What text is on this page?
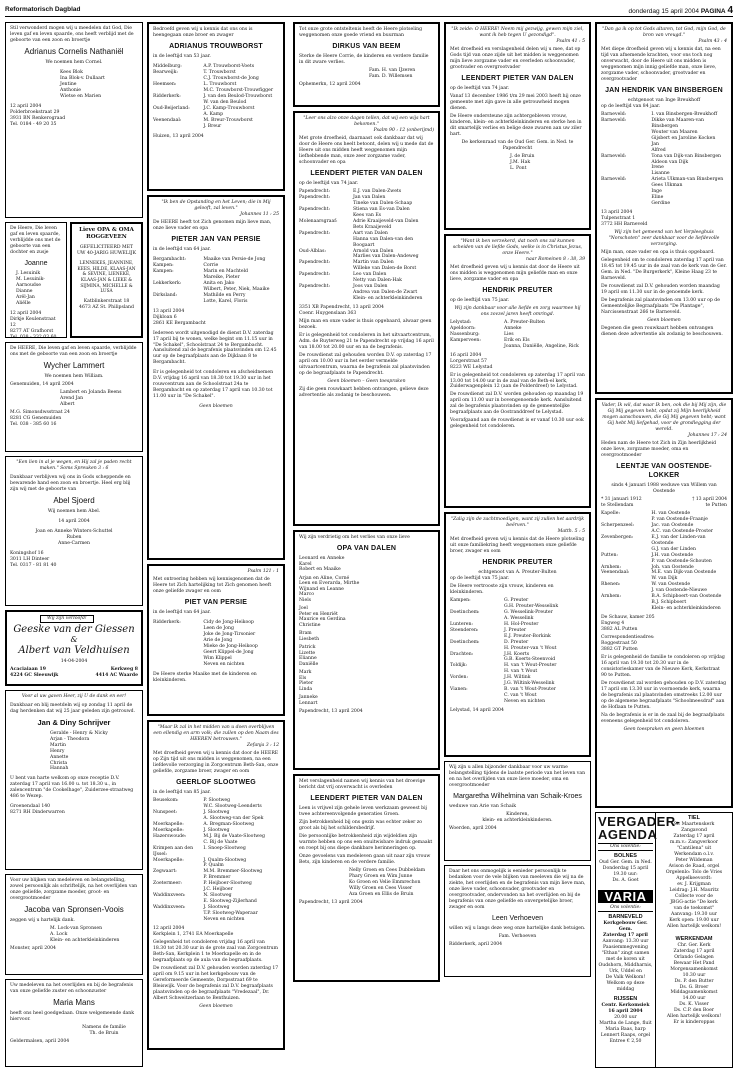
Reformatorisch Dagblad	donderdag 15 april 2004 PAGINA 4
Stil verwonderd mogen wij u meedelen dat God, Die leven gaf en leven spaarde, ons heeft verblijd met de geboorte van een zoon en broertje
Adrianus Cornelis Nathaniël
We noemen hem Cornel.
Kees Blok
Ina Blok-v. Dullaart
Jentine
Anthonie
Wietse en Marien
12 april 2004
Polderbroekstraat 29
3931 BN Renkerograad
Tel. 0184 - 49 20 35
De Heere, Die leven gaf en leven spaarde, verblijdde ons met de geboorte van een dochter en zusje
Joanne
J. Lesuinik
M. Lesuinik-Aarnoudse
Dianne
Arël-Jan
Aliëlle
12 april 2004
Dirkje Keulenstraat 12
8277 AT Grafhorst
Tel. 038 - 332 03 60
Lieve OPA & OMA ROGGEVEEN
GEFELICITEERD MET UW 40-JARIG HUWELIJK
LENNEKES, JEANNINE, KEES, HILDE, KLAAS-JAN & SEVINE, LIENEKE, KLAAS-JAN & LIEKE & SIJMINA, MICHELLE & LUSA
Katblinkerstraat 18
4673 AZ St. Philipsland
De HEERE, Die leven gaf en leven spaarde, verblijdde ons met de geboorte van een zoon en broertje
Wycher Lammert
We noemen hem William.
Genemuiden, 14 april 2004
Lambert en Jolanda Beens
Arend Jan
Albert
M.G. Simonsdwsstraat 24
8281 CG Genemuiden
Tel. 038 - 385 60 16
"Een lien in al je wegen, en Hij zal je paden recht maken." Soms Spreuken 3 : 6
Dankbaar verblijven wij ons in Gods scheppende en bewarende hand een zoon en broertje. Heel erg blij zijn wij met de geboorte van
Abel Sjoerd
Wij noemen hem Abel.
14 april 2004
Joan en Anneke Winters-Schuttel
Ruben
Anne-Carmen
Koningshof 16
3011 LH Dinteer
Tel. 0317 - 81 81 40
Wij zijn verloofd!
Geeske van der Giessen
&
Albert van Veldhuisen
14-04-2004
Acaciaiaan 19
4224 GC Sleeuwijk
Kerkweg 8
4414 AC Waarde
Voor al uw gaven Heer, zij U de dank en eer!
Dankbaar en blij meetdeln wij op zondag 11 april de dag herdenken dat wij 25 jaar geleden zijn getrouwd.
Jan & Diny Schrijver
Geralde - Henry & Nicky
Arjan - Theodora
Martin
Henry
Annette
Christa
Hannah
U bent van harte welkom op onze receptie D.V. zaterdag 17 april van 16.00 u. tot 18.30 u., in zalencentrum "de Cookelhage", Zuiderzee-straatweg 486 te Wezep.
Groenendaal 140
8271 RH Dinderwarren
Voor uw blijken van medeleven en belangstelling, zowel persoonlijk als schriftelijk, na het overlijden van onze geliefde, zorgzame moeder, groot- en overgrootmoeder
Jacoba van Spronsen-Voois
zeggen wij u hartelijk dank.
M. Lock-van Spronsen
A. Lock
Klein- en achterkleinkinderen
Monster, april 2004
Uw medeleven na het overlijden en bij de begrafenis van onze geliefde zuster en schoonzuster
Maria Mans
heeft ons heel goedgedaan. Onze welgemeende dank hiervoor.
Namens de familie
Th. de Bruin
Geldermalsen, april 2004
Bedroefd geven wij u kennis dat ons ons is heengegaan onze broer en zwager
ADRIANUS TROUWBORST
in de leeftijd van 53 jaar.
Middelburg:	A.P. Trouwborst-Voets
Bearweijk:	T. Trouwborst
C.J. Trouwborst-de Jong
Heemsen:	L. Trouwborst
M.C. Trouwborst-Trouwfigger
Ridderkerk:	J. van den Beulod-Trouwborst
W. van den Beulod
Oud-Beijerland:	J.C. Kamp-Trouwborst
A. Kamp
Veenendaal:	M. Breur-Trouwborst
J. Breur
Huizen, 13 april 2004
"Ik ben de Opstanding en het Leven; die in Mij gelooft, zal leven."
Johannes 11 : 25
De HEERE heeft tot Zich genomen mijn lieve man, onze lieve vader en opa
PIETER JAN VAN PERSIE
in de leeftijd van 64 jaar.
Bergambacht:	Maaike van Persie-de Jong
Kampen:	Corrie
Kampen:	Marin en Machteld
Mareike, Pieter
Lekkerkerk:	Anita en Jako
Wilbert, Peter, Niek, Maaike
Dirksland:	Mathilde en Perry
Lotte, Karel, Floris
13 april 2004
Dijkloan 6
2861 KE Bergambacht
Iedereen wordt uitgenodigd de dienst D.V. zaterdag 17 april bij te wonen, welke begint om 11.15 uur in "De Schakel", Schoolstraat 24 te Bergambacht. Aansluitend zal de begrafenis plaatsvinden om 12.45 uur op de begraafplaats aan de Dijklaan 8 te Bergambacht.
Er is gelegenheid tot condoleren en afscheidnemen D.V. vrijdag 16 april van 18.30 tot 19.30 uur in het rouwcentrum aan de Schoolstraat 24a te Bergambacht en op zaterdag 17 april van 10.30 tot 11.00 uur in "De Schakel".
Geen bloemen
Psalm 121 : 1
Met ontroering hebben wij kennisgenomen dat de Heere tot Zich hartelijking tot Zich genomen heeft onze geliefde zwager en oom
PIET VAN PERSIE
in de leeftijd van 64 jaar.
Ridderkerk:	Cidy de Jong-Heikoop
Leen de Jong
Joke de Jong-Tirsonier
Arie de Jong
Mieke de Jong-Heikoop
Geert Klippel-de Jong
Wim Klippel
Neven en nichten
De Heere sterke Maaike met de kinderen en kleinkinderen.
"Maar Ik zal in het midden van u doen overblijven een ellendig en arm volk; die zullen op den Naam des HEEREN betrouwen."
Zefanja 3 : 12
Met droefheid geven wij u kennis dat door de HEERE op Zijn tijd uit ons midden is weggenomen, na een liefdevolle verzorging in Zorgcentrum Beth-San, onze geliefde, zorgzame broer, zwager en oom
GEERLOF SLOOTWEG
in de leeftijd van 85 jaar.
Beusekom:	P. Slootweg
W.C. Slootweg-Leenderts
Nunspeet:	J. Slootweg
A. Slootweg-van der Spek
Moerkapelle:	A. Bregman-Slootweg
Moerkapelle:	J. Slootweg
Hazerswoude:	M.J. Bij de Vaate-Slootweg
C. Bij de Vaate
Krimpen aan den IJssel:
I. Snoep-Slootweg
Moerkapelle:	J. Qualm-Slootweg
P. Qualm
Zegwaart:	M.M. Bremmer-Slootweg
P. Bremmer
Zoetermeer:	P. Heijboer-Slootweg
J.C. Heijboer
Waddinxveen:	N. Slootweg
E. Slootweg-Zijlerhand
Waddinxveen:	J. Slootweg
T.P. Slootweg-Waperaar
Neven en nichten
12 april 2004
Kerkplein 1, 2741 EA Moerkapelle
Gelegenheid tot condoleren vrijdag 16 april van 18.30 tot 20.30 uur in de grote zaal van Zorgcentrum Beth-San, Kerkplein 1 te Moerkapelle en in de begraafplaats op de aula van de begraafplaats.
De rouwdienst zal D.V. gehouden worden zaterdag 17 april om 9.15 uur in het kerkgebouw van de Gereformeerde Gemeente, Dorpsstraat 69 te Bleiswijk. Voor de begrafenis zal D.V. begraafplaats plaatsvinden op de begraafplaats "Vredezaal", Dr. Albert Schweitzerlaan te Benthuizen.
Geen bloemen
Tot onze grote ontsteltenis heeft de Heere plotseling weggenomen onze goede vriend en buurman
DIRKUS VAN BEEM
Sterke de Heere Corrie, de kinderen en verdere familie in dit zware verlies.
Fam. H. van IJzeren
Fam. D. Willemsen
Ophemerkn, 12 april 2004
"Leer ons alzo onze dagen tellen, dat wij een wijs hart bekomen."
Psalm 90 : 12 (onberijmd)
Met grote droefheid, daarnaast ook dankbaar dat wij door de Heere ons heelt betoont, delen wij u mede dat de Heere uit ons midden heeft weggenomen mijn liefhebbende man, onze zeer zorgzame vader, schoonvader en opa
LEENDERT PIETER VAN DALEN
op de leeftijd van 74 jaar.
Papendrecht:	E.J. van Dalen-Zwets
Papendrecht:	Jan van Dalen
Tineke van Dalen-Schaap
Papendrecht:	Stiena van Es-van Dalen
Kees van Es
Molenaarsgraaf:	Adrie Kraaijeveld-van Dalen
Bets Kraaijeveld
Papendrecht:	Aart van Dalen
Hanna van Dalen-van den Boogaart
Oud-Alblas:	Arnold van Dalen
Marlies van Dalen-Andeweg
Papendrecht:	Martin van Dalen
Willeke van Dalen-de Borst
Papendrecht:	Leo van Dalen
Netty van Dalen-Hak
Papendrecht:	Joos van Dalen
Andrea van Dalen-de Zwart
Klein- en achterkleinkinderen
3351 XB Papendrecht, 13 april 2004
Coenr. Huygenslaan 363
Mijn man en onze vader is thuis opgebaard, alwaar geen bezoek.
Er is gelegenheid tot condoleren in het uitvaartcentrum, Adm. de Ruyterweg 21 te Papendrecht op vrijdag 16 april van 18.00 tot 20.00 uur en na de begrafenis.
De rouwdienst zal gehouden worden D.V. op zaterdag 17 april om 10.00 uur in het eerder vermelde uitvaartcentrum, waarna de begrafenis zal plaatsvinden op de begraafplaats te Papendrecht.
Geen bloemen – Geen toespraken
Zij die geen rouwkaart hebben ontvangen, gelieve deze advertentie als zodanig te beschouwen.
Wij zijn verdrietig om het verlies van onze lieve
OPA VAN DALEN
Leonard en Anneke
Karel
Robert en Maaike
Arjan en Aline, Corné
Leen en Everarda, Mirthe
Wijnand en Leanne
Marco
Niels
Joel
Peter en Henriët
Maurice en Gerdina
Christine
Bram
Liesbeth
Patrick
Lizette
Elianne
Daniëlle
Mark
Els
Pieter
Linda
Janneke
Lennart
Papendrecht, 13 april 2004
Met verslagenheid namen wij kennis van het droevige bericht dat vrij onverwacht is overleden
LEENDERT PIETER VAN DALEN
Leen is vrijwel zijn gehele leven werkzaam geweest bij twee achtereenvolgende generaties Groen.
Zijn betrokkenheid bij ons gezin was echter zeker zo groot als bij het schildersbedrijf.
Die persoonlijke betrokkenheid zijn wijdeldien zijn warmte hebben op ons een onuitwisbare indruk gemaakt en roept bij ons diepe dankbare herinneringen op.
Onze gevoelens van medeleven gaan uit naar zijn vrouw Bets, zijn kinderen en de verdere familie.
Nelly Groen en Cees Dubbeldam
Phary Groen en Wim Junne
Ko Groen en Velie Emmrechon
Willy Groen en Cees Visser
Aza Groen en Ellis de Bruin
Papendrecht, 13 april 2004
"Ik zeide: O HEERE! Neem mij gezwijg, gewen mijn ziel, want ik heb tegen U gezondigd".
Psalm 41 : 5
Met droefheid en verslagenheid delen wij u mee, dat op Gods tijd van onze zijde uit het midden is weggenomen mijn lieve zorgzame vader en overleden schoonvader, grootvader en overgrootvader
LEENDERT PIETER VAN DALEN
op de leeftijd van 74 jaar.
Vanaf 13 december 1986 t/m 29 mei 2003 heeft hij onze gemeente met zijn gave in alle getrouwheid mogen dienen.
De Heere ondersteune zijn achtergebleven vrouw, kinderen, klein- en achterkleinkinderen en sterke hen in dit smartelijk verlies en belige deze zwaren aan uw ziler hart.
De kerkenraad van de Oud Ger. Gem. in Ned. te Papendrecht
J. de Bruin
J.M. Hak
L. Pont
"Want ik ben verzekerd, dat noch ons zal kunnen scheiden van de liefde Gods, welke is in Christus Jezus, onze Heere."
naar Romeinen 8 : 38, 39
Met droefheid geven wij u kennis dat door de Heere uit ons midden is weggenomen mijn geliefde man en onze lieve, zorgzame vader en opa
HENDRIK PREUTER
op de leeftijd van 75 jaar.
Wij zijn dankbaar voor alle liefde en zorg waarmee hij ons zovzel jaren heeft omringd.
Lelystad:	A. Preuter-Bulten
Apeldoorn:	Anneke
Nassenburg:	Lies
Kamperveen:	Erik en Els
Joanna, Daniëlle, Angeline, Rick
16 april 2004
Lorgerstraat 57
8223 WE Lelystad
Er is gelegenheid tot condoleren op zaterdag 17 april van 13.00 tot 14.00 uur in de zaal van de Beth-el kerk, Zuiderwagenplein 12 (aan de Polderdreef) te Lelystad.
De rouwdienst zal D.V. worden gehouden op maandag 19 april om 11.00 uur in bovengenoemde kerk. Aansluitend zal de begrafenis plaatsvinden op de gemeentelijke begraafplaats aan de Oostranddreef te Lelystad.
Voorafgaand aan de rouwdienst is er vanaf 10.30 uur ook gelegenheid tot condoleren.
"Zalig zijn de zachtmoedigen, want zij zullen het aardrijk beërven."
Matth. 5 : 5
Met droefheid geven wij u kennis dat de Heere plotseling uit onze familiekring heeft weggenomen onze geliefde broer, zwager en oom
HENDRIK PREUTER
echtgenoot van A. Preuter-Bulten
op de leeftijd van 75 jaar.
De Heere vertrooste zijn vrouw, kinderen en kleinkinderen.
Kampen:	G. Preuter
G.H. Preuter-Wesselink
Doetinchem:	G. Wesselink-Preuter
A. Wesselink
Lunteren:	H. Hol-Preuter
Steenderen:	J. Preuter
E.J. Preuter-Borkink
Doetinchem:	D. Preuter
H. Preuter-van 't Wout
Drachten:	J.H. Koerts
G.B. Koerts-Steenvoid
Toldijk:	H. van 't Wout-Preuter
H. van 't Wout
Vorden:	J.H. Wiltink
J.G. Wiltink-Wesselink
Vianen:	B. van 't Wout-Preuter
C. van 't Wout
Neven en nichten
Lelystad, 14 april 2004
Wij zijn u allen bijzonder dankbaar voor uw warme belangstelling tijdens de laatste periode van het leven van en na het overlijden van onze lieve moeder, oma en overgrootmoeder
Margaretha Wilhelmina van Schaik-Kroes
weduwe van Arie van Schaik
Kinderen,
klein- en achterkleinkinderen.
Woerden, april 2004
Daar het ons onmogelijk is eenieder persoonlijk te bedanken voor de vele blijken van meeleven die wij na de ziekte, het overlijden en de begrafenis van mijn lieve man, onze lieve vader, schoonvader, grootvader en overgrootvader, ondervonden na het overlijden en bij de begrafenis van onze geliefde en onvergetelijke broer, zwager en oom
Leen Verhoeven
willen wij u langs deze weg onze hartelijke dank betuigen.
Fam. Verhoeven
Ridderkerk, april 2004
"Dan ga ik op tot Gods altaren, tot God, mijn God, de bron van vreugd."
Psalm 43 : 4
Met diepe droefheid geven wij u kennis dat, na een tijd van afnemende krachten, voor ons toch nog onverwacht, door de Heere uit ons midden is weggenomen mijn innig geliefde man, onze lieve, zorgzame vader, schoonvader, grootvader en overgrootvader
JAN HENDRIK VAN BINSBERGEN
echtgenoot van Inge Breukhoff
op de leeftijd van 84 jaar.
Barneveld:	I. van Binsbergen-Breukhoff
Barneveld:	Dikke van Maaren-van Binsbergen
Wouter van Maaren
Gijsbert en Jaroline Kocken
Jan
Alfred
Barneveld:	Tona van Dijk-van Binsbergen
Aldeon van Dijk
Irene
Lisanne
Barneveld:	Arieta Ulkman-van Binsbergen
Gees Ulkman
Inge
Eline
Gerdine
13 april 2004
Tulpenstraat 1
3772 HH Barneveld
Wij zijn het gemeend van het Verpleeghuis "Norschoten" zeer dankbaar voor de liefdevolle verzorging.
Mijn man, onze vader en opa is thuis opgebaard.
Gelegenheid om te condoleren zaterdag 17 april van 18.45 tot 19.45 uur in de zaal van de kerk van de Ger. Gem. in Ned. "De Burgerkerk", Kleine Haag 23 te Barneveld.
De rouwdienst zal D.V. gehouden worden maandag 19 april om 11.30 uur in de genoemde kerk.
De begrafenis zal plaatsvinden om 13.00 uur op de Gemeentelijke Begraafplaats "De Plantage", Narcissenstraat 266 te Barneveld.
Geen bloemen
Degenen die geen rouwkaart hebben ontvangen dienen deze advertentie als zodanig te beschouwen.
Vader, Ik wil, dat waar Ik ben, ook die bij Mij zijn, die Gij Mij gegeven hebt, opdat zij Mijn heerlijkheid mogen aanschouwen, die Gij Mij gegeven hebt; want Gij hebt Mij liefgehad, voor de grondlegging der wereld.
Johannes 17 : 24
Heden nam de Heere tot Zich in Zijn heerlijkheid onze lieve, zorgzame moeder, oma en overgrootmoeder
LEENTJE VAN OOSTENDE-LOKKER
sinds 4 januari 1988 weduwe van Willem van Oostende
* 31 januari 1912
te Stellendam
† 13 april 2004
te Putten
Kapelle:	H. van Oostende
P. van Oostende-Fraanje
Scherpenzeel:	Jac. van Oostende
A.C. van Oostende-Proster
Zevenbergen:	E.J. van der Linden-van Oostende
G.J. van der Linden
Putten:	J.H. van Oostende
P. van Oostende-Schouten
Arnhem:	Joh. van Oostende
Veenendaal:	M.E. van Dijk-van Oostende
W. van Dijk
Rhenen:	W. van Oostende
J. van Oostende-Nieuwe
Arnhem:	B.A. Schipboert-van Oostende
B.J. Schipboert
Klein- en achterkleinkinderen
De Schauw, kamer 205
Engweg 4
3882 AL Putten
Correspondentieadres:
Roggestraat 50
3882 GT Putten
Er is gelegenheid de familie te condoleren op vrijdag 16 april van 19.30 tot 20.30 uur in de consistorieskamer van de Nieuwe Kerk, Kerkstraat 90 te Putten.
De rouwdienst zal worden gehouden op D.V. zaterdag 17 april om 13.30 uur in voornoemde kerk, waarna de begrafenis zal plaatsvinden omstreeks 12.00 uur op de algemene begraafplaats "Schoolmeesdraf" aan de Hoflaan te Putten.
Na de begrafenis is er in de zaal bij de begraafplaats eveneens gelegenheid tot condoleren.
Geen toespraken en geen bloemen
VERGADER-
AGENDA
Ons volentie:
BOLNES
Oud Ger. Gem. in Ned.
Donderdag 15 april
19.30 uur:
Ds. A. Goet
VARIA
Ons volentie:
BARNEVELD
Kerkgebouw Ger. Gem.
Zaterdag 17 april
Aanvang: 13.30 uur
Paasiemmegvening
"Ethan" zingt samen
met de koren uit
Oudshorn, Middharnis,
Urk, Uddel en
De Valk Welkom!
Welkom op deze middag
RIJSSEN
Centr. Kerkomsiek
16 april 2004
20.00 uur
Martha de Lange, fluit
Maria Baas, harp
Lennert Raaps, orgel
Entree € 2,50
TIEL
St. Maartenskerk
Zangavond
Zaterdag 17 april
m.m.v.: Zangverkoor
"Cantilena" uit
Werkendam o.l.v.
Peter Wildeman
Avison de Raad, orgel
Orgelenlo: Tolo de Vries
Appelkeevordt:
ev. J. Krijgman
Leidrag: J.H. Mauritz
Collecte voor de
JBGG-actie "De kerk
van de toekomst"
Aanvang: 19.30 uur
Kerk open: 19.00 uur
Allen hartelijk welkom!
WERKENDAM
Chr. Ger. Kerk
Zaterdag 17 april
Orlando Gelagen
Bewaar Het Pand
Morgensamenkomst
10.30 uur
Ds. P. den Butter
Ds. G. Broer
Middagsamenkomst
14.00 uur
Ds. K. Visser
Ds. C.P. den Boer
Allen hartelijk welkom!
Er is kinderoppas
